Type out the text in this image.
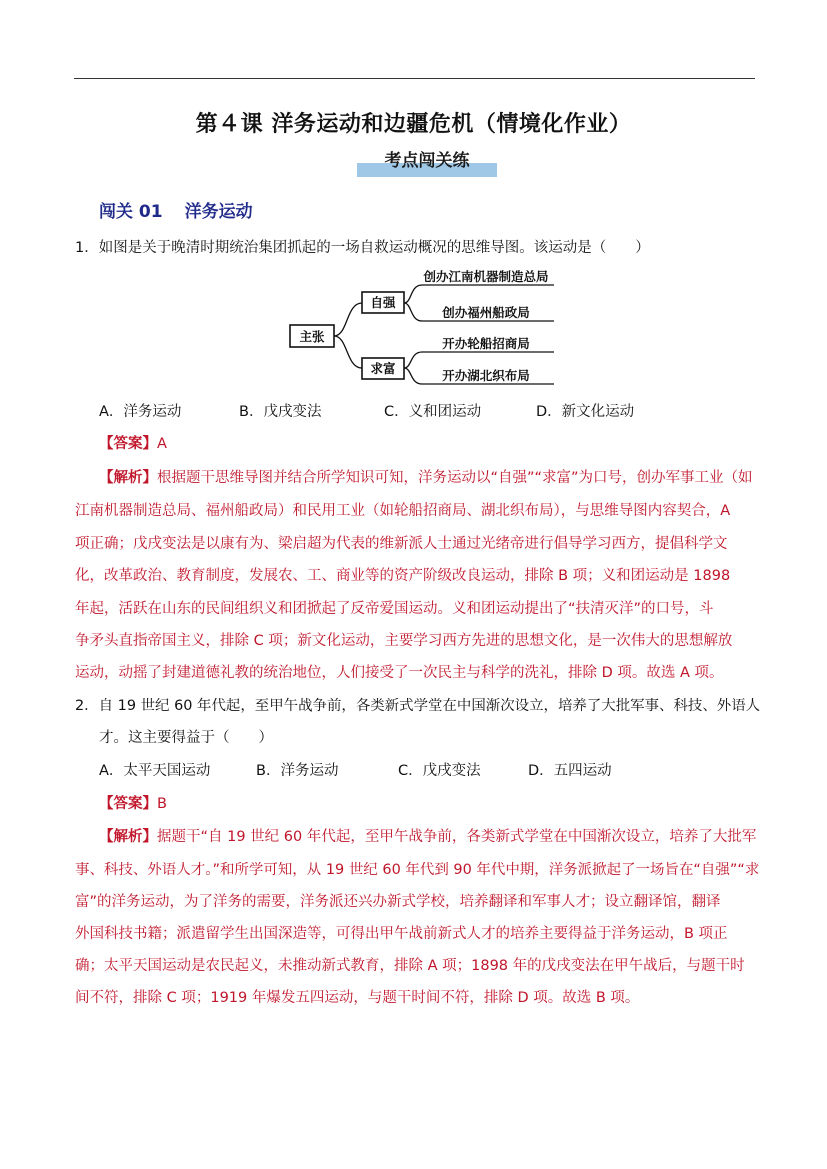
第４课 洋务运动和边疆危机（情境化作业）
考点闯关练
闯关 01 洋务运动
1．如图是关于晚清时期统治集团抓起的一场自救运动概况的思维导图。该运动是（　　）
主张
自强
求富
创办江南机器制造总局
创办福州船政局
开办轮船招商局
开办湖北织布局
A．洋务运动	B．戊戌变法	C．义和团运动	D．新文化运动
【答案】A
【解析】根据题干思维导图并结合所学知识可知，洋务运动以“自强”“求富”为口号，创办军事工业（如
江南机器制造总局、福州船政局）和民用工业（如轮船招商局、湖北织布局），与思维导图内容契合，A
项正确；戊戌变法是以康有为、梁启超为代表的维新派人士通过光绪帝进行倡导学习西方，提倡科学文
化，改革政治、教育制度，发展农、工、商业等的资产阶级改良运动，排除 B 项；义和团运动是 1898
年起，活跃在山东的民间组织义和团掀起了反帝爱国运动。义和团运动提出了“扶清灭洋”的口号，斗
争矛头直指帝国主义，排除 C 项；新文化运动，主要学习西方先进的思想文化，是一次伟大的思想解放
运动，动摇了封建道德礼教的统治地位，人们接受了一次民主与科学的洗礼，排除 D 项。故选 A 项。
2．自 19 世纪 60 年代起，至甲午战争前，各类新式学堂在中国渐次设立，培养了大批军事、科技、外语人
才。这主要得益于（　　）
A．太平天国运动	B．洋务运动	C．戊戌变法	D．五四运动
【答案】B
【解析】据题干“自 19 世纪 60 年代起，至甲午战争前，各类新式学堂在中国渐次设立，培养了大批军
事、科技、外语人才。”和所学可知，从 19 世纪 60 年代到 90 年代中期，洋务派掀起了一场旨在“自强”“求
富”的洋务运动，为了洋务的需要，洋务派还兴办新式学校，培养翻译和军事人才；设立翻译馆，翻译
外国科技书籍；派遣留学生出国深造等，可得出甲午战前新式人才的培养主要得益于洋务运动，B 项正
确；太平天国运动是农民起义，未推动新式教育，排除 A 项；1898 年的戊戌变法在甲午战后，与题干时
间不符，排除 C 项；1919 年爆发五四运动，与题干时间不符，排除 D 项。故选 B 项。
